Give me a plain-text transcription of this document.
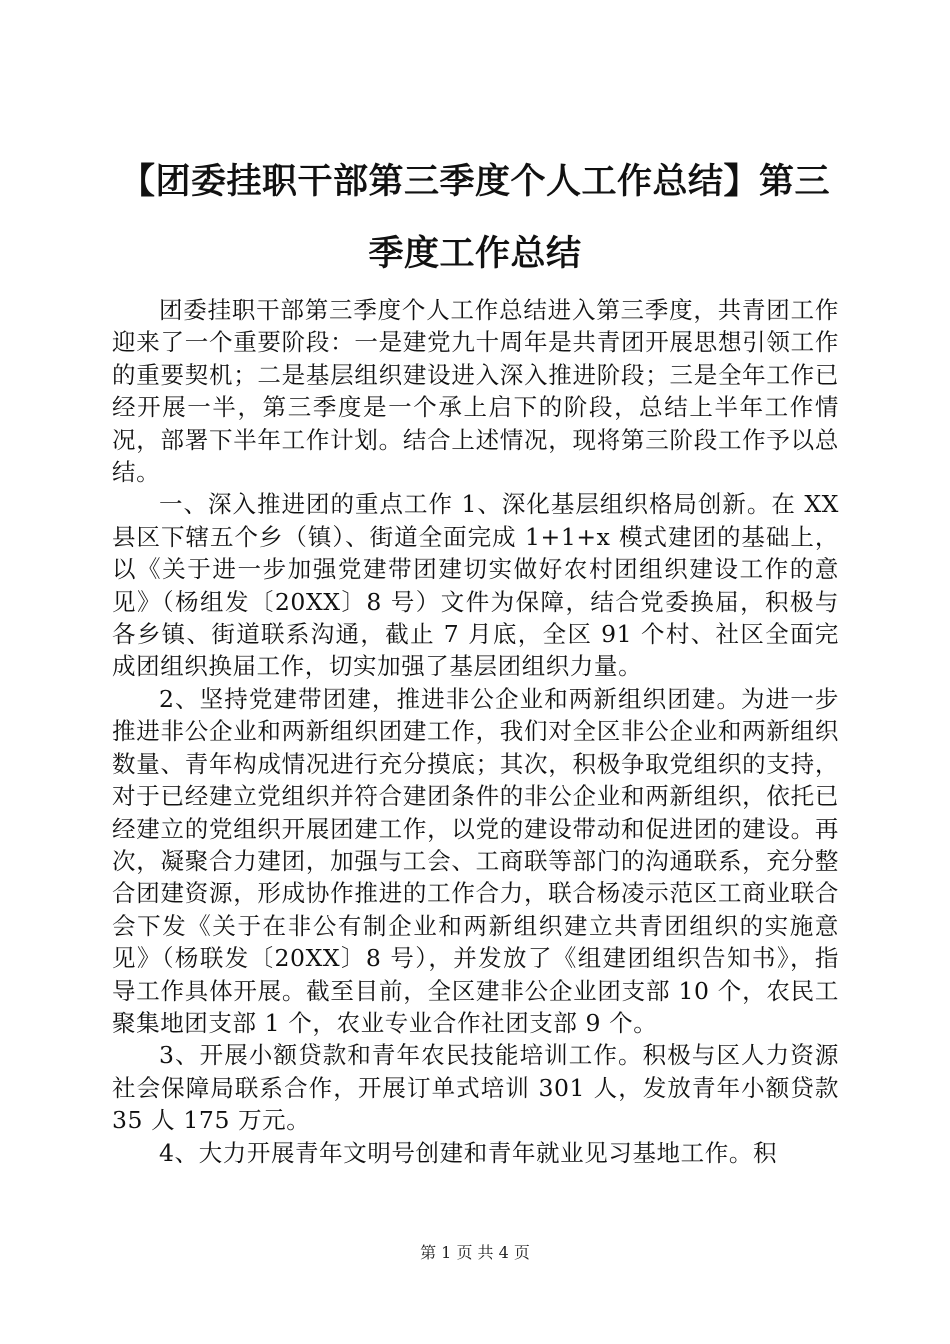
【团委挂职干部第三季度个人工作总结】第三季度工作总结

团委挂职干部第三季度个人工作总结进入第三季度，共青团工作迎来了一个重要阶段：一是建党九十周年是共青团开展思想引领工作的重要契机；二是基层组织建设进入深入推进阶段；三是全年工作已经开展一半，第三季度是一个承上启下的阶段，总结上半年工作情况，部署下半年工作计划。结合上述情况，现将第三阶段工作予以总结。

一、深入推进团的重点工作 1、深化基层组织格局创新。在 XX 县区下辖五个乡（镇）、街道全面完成 1+1+x 模式建团的基础上，以《关于进一步加强党建带团建切实做好农村团组织建设工作的意见》（杨组发〔20XX〕8 号）文件为保障，结合党委换届，积极与各乡镇、街道联系沟通，截止 7 月底，全区 91 个村、社区全面完成团组织换届工作，切实加强了基层团组织力量。

2、坚持党建带团建，推进非公企业和两新组织团建。为进一步推进非公企业和两新组织团建工作，我们对全区非公企业和两新组织数量、青年构成情况进行充分摸底；其次，积极争取党组织的支持，对于已经建立党组织并符合建团条件的非公企业和两新组织，依托已经建立的党组织开展团建工作，以党的建设带动和促进团的建设。再次，凝聚合力建团，加强与工会、工商联等部门的沟通联系，充分整合团建资源，形成协作推进的工作合力，联合杨凌示范区工商业联合会下发《关于在非公有制企业和两新组织建立共青团组织的实施意见》（杨联发〔20XX〕8 号），并发放了《组建团组织告知书》，指导工作具体开展。截至目前，全区建非公企业团支部 10 个，农民工聚集地团支部 1 个，农业专业合作社团支部 9 个。

3、开展小额贷款和青年农民技能培训工作。积极与区人力资源社会保障局联系合作，开展订单式培训 301 人，发放青年小额贷款 35 人 175 万元。

4、大力开展青年文明号创建和青年就业见习基地工作。积

第 1 页 共 4 页
